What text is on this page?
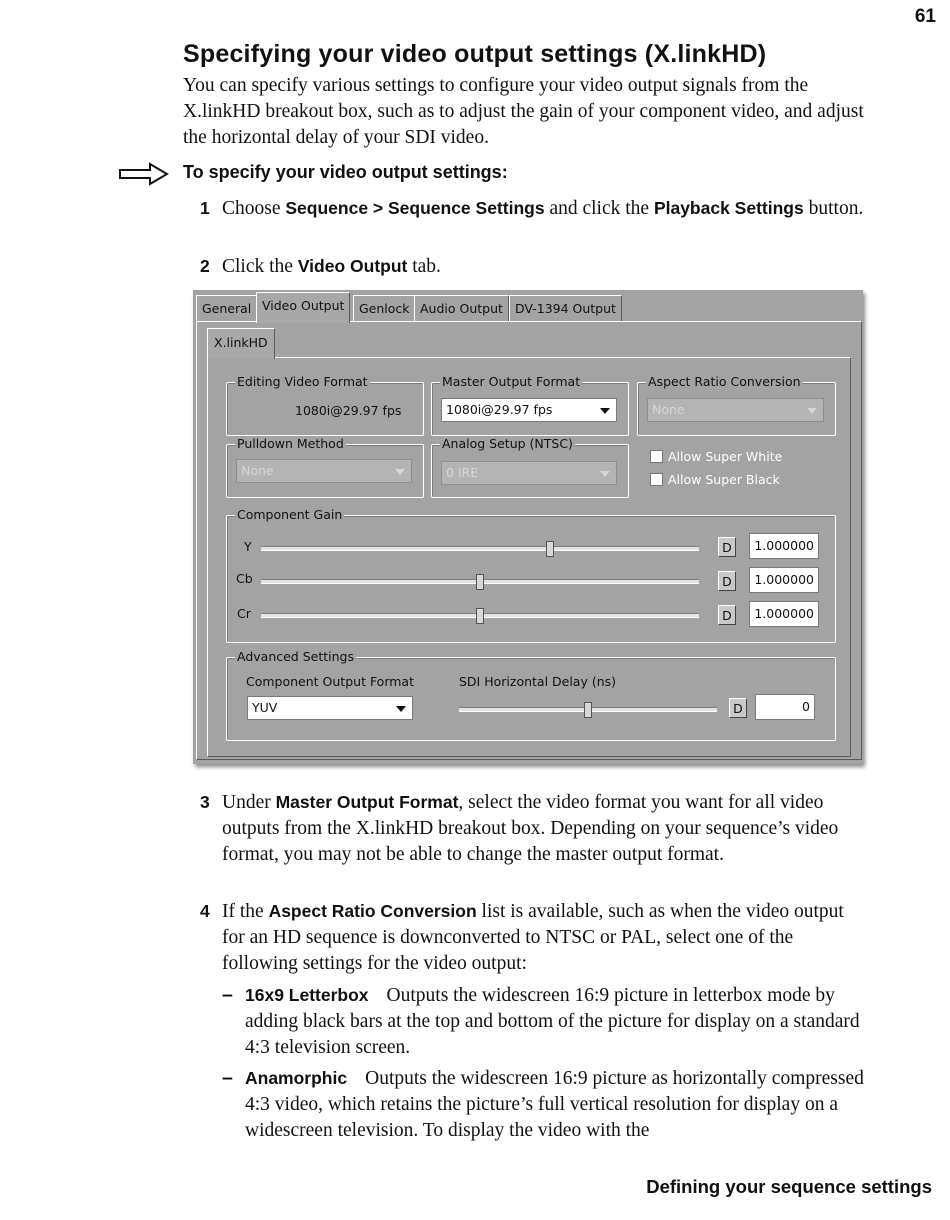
61
Specifying your video output settings (X.linkHD)
You can specify various settings to configure your video output signals from the X.linkHD breakout box, such as to adjust the gain of your component video, and adjust the horizontal delay of your SDI video.
To specify your video output settings:
1 Choose Sequence > Sequence Settings and click the Playback Settings button.
2 Click the Video Output tab.
General Video Output	Genlock Audio Output DV-1394 Output
X.linkHD
Editing Video Format
1080i@29.97 fps
Master Output Format
1080i@29.97 fps
Aspect Ratio Conversion
None
Pulldown Method
None
Analog Setup (NTSC)
0 IRE
Allow Super White
Allow Super Black
Component Gain
Y	D	1.000000
Cb	D	1.000000
Cr	D	1.000000
Advanced Settings
Component Output Format
YUV
SDI Horizontal Delay (ns)
D	0
3 Under Master Output Format, select the video format you want for all video outputs from the X.linkHD breakout box. Depending on your sequence’s video format, you may not be able to change the master output format.
4 If the Aspect Ratio Conversion list is available, such as when the video output for an HD sequence is downconverted to NTSC or PAL, select one of the following settings for the video output:
– 16x9 Letterbox Outputs the widescreen 16:9 picture in letterbox mode by adding black bars at the top and bottom of the picture for display on a standard 4:3 television screen.
– Anamorphic Outputs the widescreen 16:9 picture as horizontally compressed 4:3 video, which retains the picture’s full vertical resolution for display on a widescreen television. To display the video with the
Defining your sequence settings
